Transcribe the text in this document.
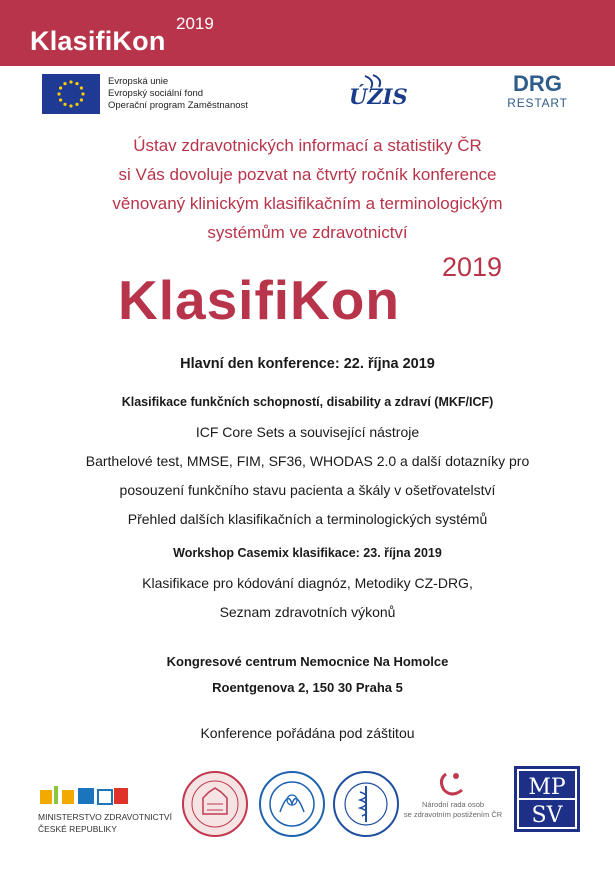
KlasifiKon
2019
Evropská unie
Evropský sociální fond
Operační program Zaměstnanost	ÚZIS
DRG
RESTART
Ústav zdravotnických informací a statistiky ČR
si Vás dovoluje pozvat na čtvrtý ročník konference
věnovaný klinickým klasifikačním a terminologickým
systémům ve zdravotnictví
KlasifiKon
2019
Hlavní den konference: 22. října 2019
Klasifikace funkčních schopností, disability a zdraví (MKF/ICF)
ICF Core Sets a související nástroje
Barthelové test, MMSE, FIM, SF36, WHODAS 2.0 a další dotazníky pro
posouzení funkčního stavu pacienta a škály v ošetřovatelství
Přehled dalších klasifikačních a terminologických systémů
Workshop Casemix klasifikace: 23. října 2019
Klasifikace pro kódování diagnóz, Metodiky CZ-DRG,
Seznam zdravotních výkonů
Kongresové centrum Nemocnice Na Homolce
Roentgenova 2, 150 30 Praha 5
Konference pořádána pod záštitou
MINISTERSTVO ZDRAVOTNICTVÍ
ČESKÉ REPUBLIKY
Národní rada osob
se zdravotním postižením ČR
MP
SV
